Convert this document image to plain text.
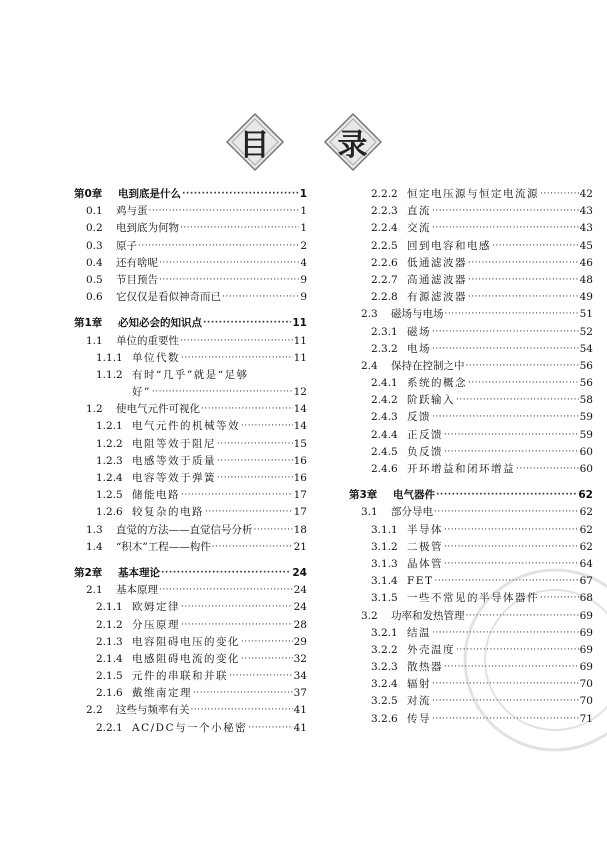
目	录
第0章	电到底是什么 ·····	1
0.1	鸡与蛋 ·····	1
0.2	电到底为何物 ·····	1
0.3	原子 ·····	2
0.4	还有啥呢 ·····	4
0.5	节目预告 ·····	9
0.6	它仅仅是看似神奇而已 ·····	9
第1章	必知必会的知识点 ·····	11
1.1	单位的重要性 ·····	11
1.1.1 单位代数 ·····	11
1.1.2 有时“几乎”就是“足够
好” ·····	12
1.2	使电气元件可视化 ·····	14
1.2.1 电气元件的机械等效 ·····	14
1.2.2 电阻等效于阻尼 ·····	15
1.2.3 电感等效于质量 ·····	16
1.2.4 电容等效于弹簧 ·····	16
1.2.5 储能电路 ·····	17
1.2.6 较复杂的电路 ·····	17
1.3	直觉的方法——直觉信号分析 ·····	18
1.4	“积木”工程——构件 ·····	21
第2章	基本理论 ·····	24
2.1	基本原理 ·····	24
2.1.1 欧姆定律 ·····	24
2.1.2 分压原理 ·····	28
2.1.3 电容阻碍电压的变化 ·····	29
2.1.4 电感阻碍电流的变化 ·····	32
2.1.5 元件的串联和并联 ·····	34
2.1.6 戴维南定理 ·····	37
2.2	这些与频率有关 ·····	41
2.2.1 AC/DC与一个小秘密 ·····	41
2.2.2 恒定电压源与恒定电流源 ·····	42
2.2.3 直流 ·····	43
2.2.4 交流 ·····	43
2.2.5 回到电容和电感 ·····	45
2.2.6 低通滤波器 ·····	46
2.2.7 高通滤波器 ·····	48
2.2.8 有源滤波器 ·····	49
2.3	磁场与电场 ·····	51
2.3.1 磁场 ·····	52
2.3.2 电场 ·····	54
2.4	保持在控制之中 ·····	56
2.4.1 系统的概念 ·····	56
2.4.2 阶跃输入 ·····	58
2.4.3 反馈 ·····	59
2.4.4 正反馈 ·····	59
2.4.5 负反馈 ·····	60
2.4.6 开环增益和闭环增益 ·····	60
第3章	电气器件 ·····	62
3.1	部分导电 ·····	62
3.1.1 半导体 ·····	62
3.1.2 二极管 ·····	62
3.1.3 晶体管 ·····	64
3.1.4 FET ·····	67
3.1.5 一些不常见的半导体器件 ·····	68
3.2	功率和发热管理 ·····	69
3.2.1 结温 ·····	69
3.2.2 外壳温度 ·····	69
3.2.3 散热器 ·····	69
3.2.4 辐射 ·····	70
3.2.5 对流 ·····	70
3.2.6 传导 ·····	71
